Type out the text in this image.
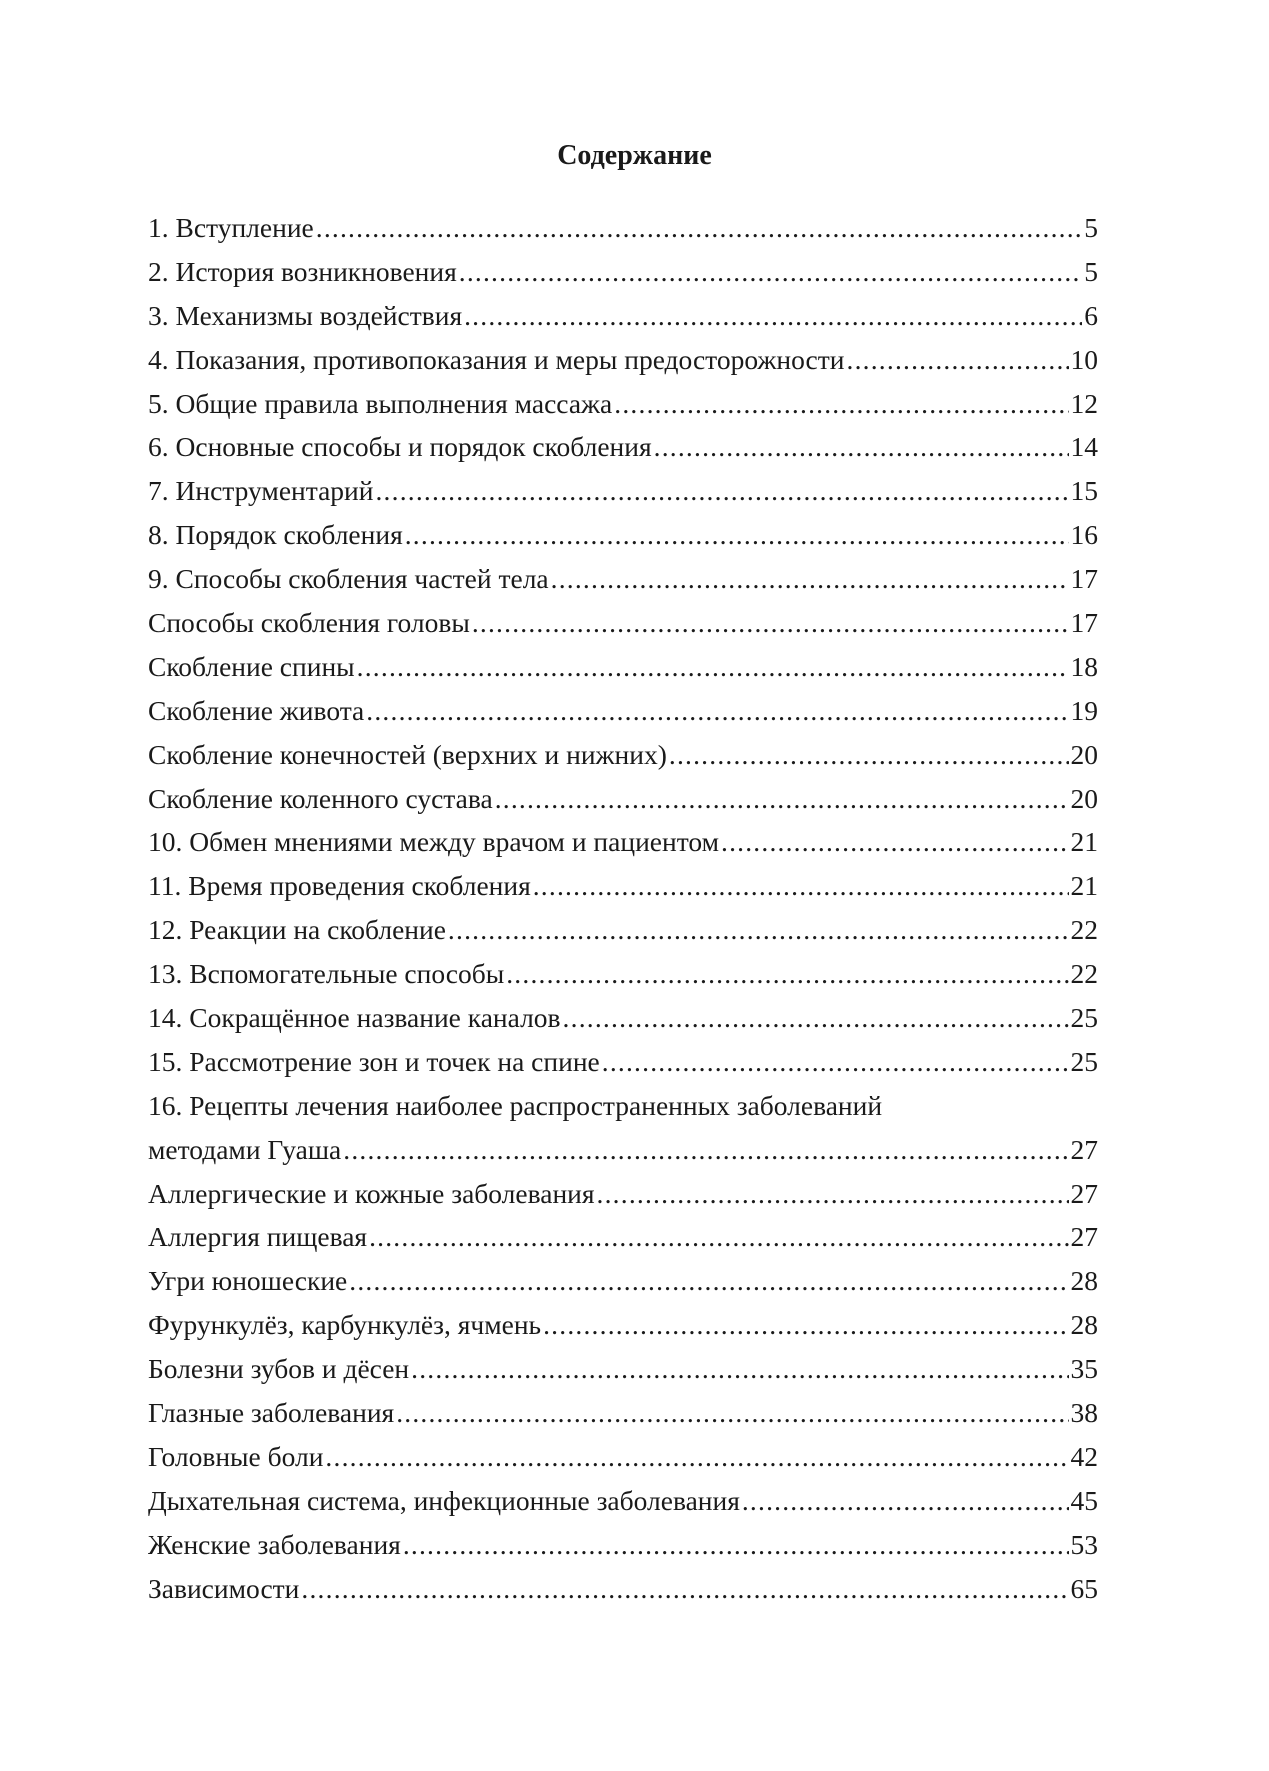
Содержание
1. Вступление .....	5
2. История возникновения .....	5
3. Механизмы воздействия .....	6
4. Показания, противопоказания и меры предосторожности .....	10
5. Общие правила выполнения массажа .....	12
6. Основные способы и порядок скобления .....	14
7. Инструментарий .....	15
8. Порядок скобления .....	16
9. Способы скобления частей тела .....	17
Способы скобления головы .....	17
Скобление спины .....	18
Скобление живота .....	19
Скобление конечностей (верхних и нижних) .....	20
Скобление коленного сустава .....	20
10. Обмен мнениями между врачом и пациентом .....	21
11. Время проведения скобления .....	21
12. Реакции на скобление .....	22
13. Вспомогательные способы .....	22
14. Сокращённое название каналов .....	25
15. Рассмотрение зон и точек на спине .....	25
16. Рецепты лечения наиболее распространенных заболеваний
методами Гуаша .....	27
Аллергические и кожные заболевания .....	27
Аллергия пищевая .....	27
Угри юношеские .....	28
Фурункулёз, карбункулёз, ячмень .....	28
Болезни зубов и дёсен .....	35
Глазные заболевания .....	38
Головные боли .....	42
Дыхательная система, инфекционные заболевания .....	45
Женские заболевания .....	53
Зависимости .....	65
